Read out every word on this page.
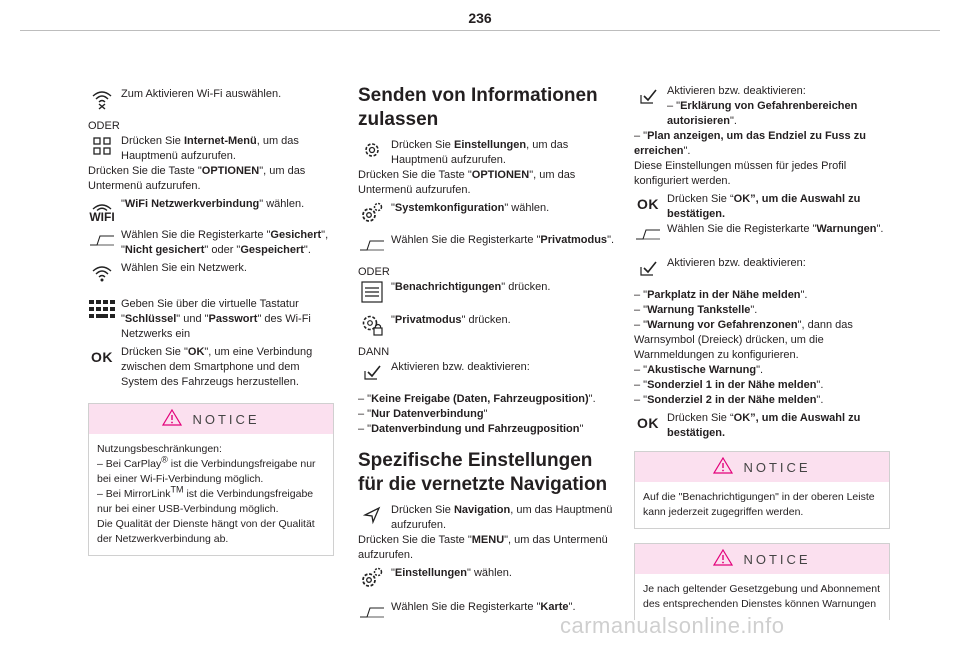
236
Zum Aktivieren Wi-Fi auswählen.

ODER

Drücken Sie Internet-Menü, um das Hauptmenü aufzurufen.

Drücken Sie die Taste "OPTIONEN", um das Untermenü aufzurufen.

WIFI
"WiFi Netzwerkverbindung" wählen.
Wählen Sie die Registerkarte "Gesichert", "Nicht gesichert" oder "Gespeichert".
Wählen Sie ein Netzwerk.
Geben Sie über die virtuelle Tastatur "Schlüssel" und "Passwort" des Wi-Fi Netzwerks ein
OK Drücken Sie "OK", um eine Verbindung zwischen dem Smartphone und dem System des Fahrzeugs herzustellen.
NOTICE
Nutzungsbeschränkungen:
– Bei CarPlay® ist die Verbindungsfreigabe nur bei einer Wi-Fi-Verbindung möglich.
– Bei MirrorLinkTM ist die Verbindungsfreigabe nur bei einer USB-Verbindung möglich.
Die Qualität der Dienste hängt von der Qualität der Netzwerkverbindung ab.
Senden von Informationen zulassen
Drücken Sie Einstellungen, um das Hauptmenü aufzurufen.

Drücken Sie die Taste "OPTIONEN", um das Untermenü aufzurufen.

"Systemkonfiguration" wählen.
Wählen Sie die Registerkarte "Privatmodus".

ODER

"Benachrichtigungen" drücken.
"Privatmodus" drücken.

DANN

Aktivieren bzw. deaktivieren:
– "Keine Freigabe (Daten, Fahrzeugposition)".
– "Nur Datenverbindung"
– "Datenverbindung und Fahrzeugposition"
Spezifische Einstellungen für die vernetzte Navigation
Drücken Sie Navigation, um das Hauptmenü aufzurufen.

Drücken Sie die Taste "MENU", um das Untermenü aufzurufen.

"Einstellungen" wählen.
Wählen Sie die Registerkarte "Karte".
Aktivieren bzw. deaktivieren:
– "Erklärung von Gefahrenbereichen autorisieren".
– "Plan anzeigen, um das Endziel zu Fuss zu erreichen".

Diese Einstellungen müssen für jedes Profil konfiguriert werden.

OK Drücken Sie “OK”, um die Auswahl zu bestätigen.
Wählen Sie die Registerkarte "Warnungen".
Aktivieren bzw. deaktivieren:
– "Parkplatz in der Nähe melden".
– "Warnung Tankstelle".
– "Warnung vor Gefahrenzonen", dann das Warnsymbol (Dreieck) drücken, um die Warnmeldungen zu konfigurieren.
– "Akustische Warnung".
– "Sonderziel 1 in der Nähe melden".
– "Sonderziel 2 in der Nähe melden".
OK Drücken Sie “OK”, um die Auswahl zu bestätigen.
NOTICE
Auf die "Benachrichtigungen" in der oberen Leiste kann jederzeit zugegriffen werden.
NOTICE
Je nach geltender Gesetzgebung und Abonnement des entsprechenden Dienstes können Warnungen
carmanualsonline.info
